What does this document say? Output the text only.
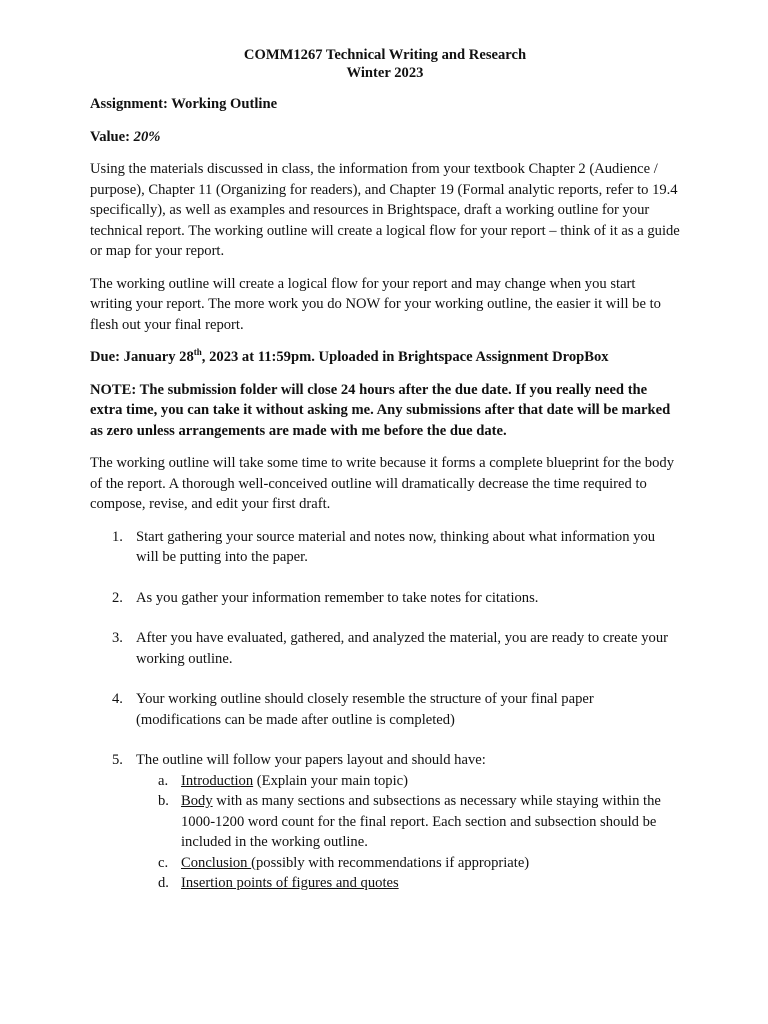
COMM1267 Technical Writing and Research
Winter 2023
Assignment: Working Outline
Value: 20%

Using the materials discussed in class, the information from your textbook Chapter 2 (Audience / purpose), Chapter 11 (Organizing for readers), and Chapter 19 (Formal analytic reports, refer to 19.4 specifically), as well as examples and resources in Brightspace, draft a working outline for your technical report. The working outline will create a logical flow for your report – think of it as a guide or map for your report.

The working outline will create a logical flow for your report and may change when you start writing your report. The more work you do NOW for your working outline, the easier it will be to flesh out your final report.

Due: January 28th, 2023 at 11:59pm. Uploaded in Brightspace Assignment DropBox

NOTE: The submission folder will close 24 hours after the due date. If you really need the extra time, you can take it without asking me. Any submissions after that date will be marked as zero unless arrangements are made with me before the due date.

The working outline will take some time to write because it forms a complete blueprint for the body of the report. A thorough well-conceived outline will dramatically decrease the time required to compose, revise, and edit your first draft.

1. Start gathering your source material and notes now, thinking about what information you will be putting into the paper.
2. As you gather your information remember to take notes for citations.
3. After you have evaluated, gathered, and analyzed the material, you are ready to create your working outline.
4. Your working outline should closely resemble the structure of your final paper (modifications can be made after outline is completed)
5. The outline will follow your papers layout and should have:
a. Introduction (Explain your main topic)
b. Body with as many sections and subsections as necessary while staying within the 1000-1200 word count for the final report. Each section and subsection should be included in the working outline.
c. Conclusion (possibly with recommendations if appropriate)
d. Insertion points of figures and quotes
